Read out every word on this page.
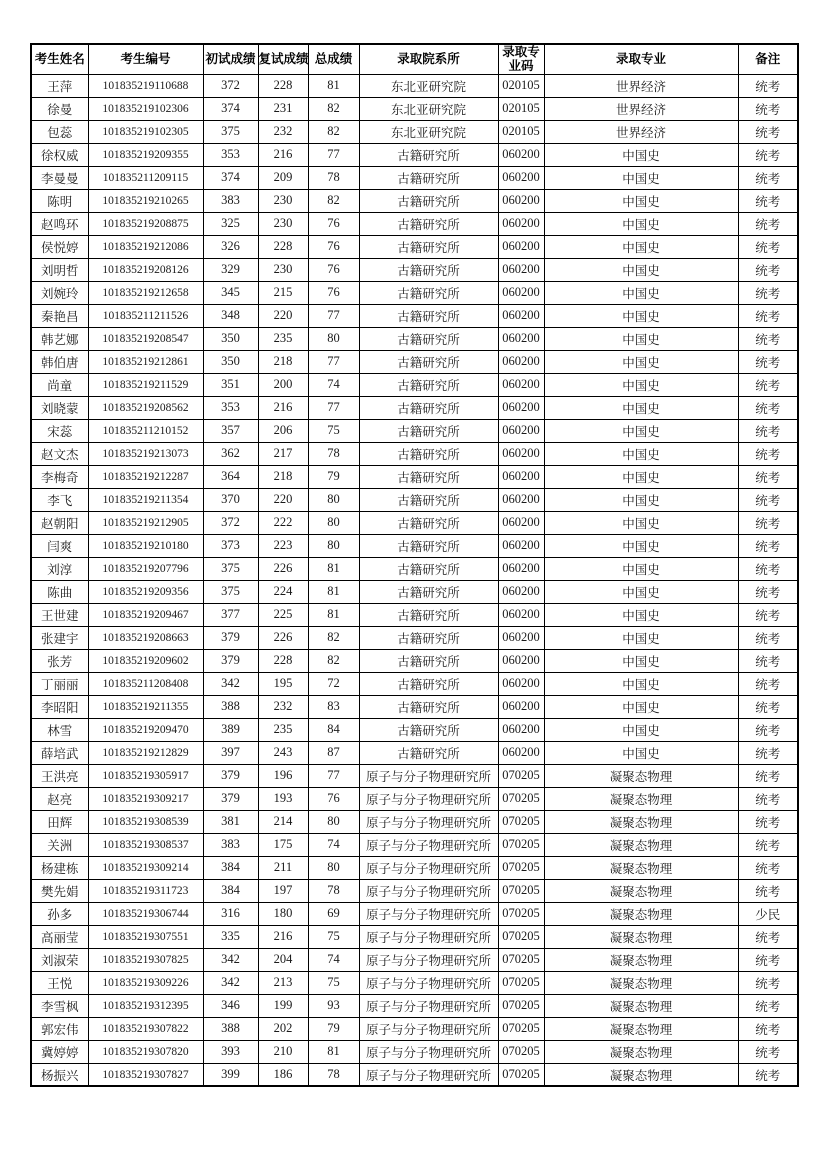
考生姓名	考生编号	初试成绩	复试成绩	总成绩	录取院系所	录取专业码	录取专业	备注
王萍	101835219110688	372	228	81	东北亚研究院	020105	世界经济	统考
徐曼	101835219102306	374	231	82	东北亚研究院	020105	世界经济	统考
包蕊	101835219102305	375	232	82	东北亚研究院	020105	世界经济	统考
徐权威	101835219209355	353	216	77	古籍研究所	060200	中国史	统考
李曼曼	101835211209115	374	209	78	古籍研究所	060200	中国史	统考
陈明	101835219210265	383	230	82	古籍研究所	060200	中国史	统考
赵鸣环	101835219208875	325	230	76	古籍研究所	060200	中国史	统考
侯悦婷	101835219212086	326	228	76	古籍研究所	060200	中国史	统考
刘明哲	101835219208126	329	230	76	古籍研究所	060200	中国史	统考
刘婉玲	101835219212658	345	215	76	古籍研究所	060200	中国史	统考
秦艳昌	101835211211526	348	220	77	古籍研究所	060200	中国史	统考
韩艺娜	101835219208547	350	235	80	古籍研究所	060200	中国史	统考
韩伯唐	101835219212861	350	218	77	古籍研究所	060200	中国史	统考
尚童	101835219211529	351	200	74	古籍研究所	060200	中国史	统考
刘晓蒙	101835219208562	353	216	77	古籍研究所	060200	中国史	统考
宋蕊	101835211210152	357	206	75	古籍研究所	060200	中国史	统考
赵文杰	101835219213073	362	217	78	古籍研究所	060200	中国史	统考
李梅奇	101835219212287	364	218	79	古籍研究所	060200	中国史	统考
李飞	101835219211354	370	220	80	古籍研究所	060200	中国史	统考
赵朝阳	101835219212905	372	222	80	古籍研究所	060200	中国史	统考
闫爽	101835219210180	373	223	80	古籍研究所	060200	中国史	统考
刘淳	101835219207796	375	226	81	古籍研究所	060200	中国史	统考
陈曲	101835219209356	375	224	81	古籍研究所	060200	中国史	统考
王世建	101835219209467	377	225	81	古籍研究所	060200	中国史	统考
张建宇	101835219208663	379	226	82	古籍研究所	060200	中国史	统考
张芳	101835219209602	379	228	82	古籍研究所	060200	中国史	统考
丁丽丽	101835211208408	342	195	72	古籍研究所	060200	中国史	统考
李昭阳	101835219211355	388	232	83	古籍研究所	060200	中国史	统考
林雪	101835219209470	389	235	84	古籍研究所	060200	中国史	统考
薛培武	101835219212829	397	243	87	古籍研究所	060200	中国史	统考
王洪亮	101835219305917	379	196	77	原子与分子物理研究所	070205	凝聚态物理	统考
赵亮	101835219309217	379	193	76	原子与分子物理研究所	070205	凝聚态物理	统考
田辉	101835219308539	381	214	80	原子与分子物理研究所	070205	凝聚态物理	统考
关洲	101835219308537	383	175	74	原子与分子物理研究所	070205	凝聚态物理	统考
杨建栋	101835219309214	384	211	80	原子与分子物理研究所	070205	凝聚态物理	统考
樊先娟	101835219311723	384	197	78	原子与分子物理研究所	070205	凝聚态物理	统考
孙多	101835219306744	316	180	69	原子与分子物理研究所	070205	凝聚态物理	少民
高丽莹	101835219307551	335	216	75	原子与分子物理研究所	070205	凝聚态物理	统考
刘淑荣	101835219307825	342	204	74	原子与分子物理研究所	070205	凝聚态物理	统考
王悦	101835219309226	342	213	75	原子与分子物理研究所	070205	凝聚态物理	统考
李雪枫	101835219312395	346	199	93	原子与分子物理研究所	070205	凝聚态物理	统考
郭宏伟	101835219307822	388	202	79	原子与分子物理研究所	070205	凝聚态物理	统考
冀婷婷	101835219307820	393	210	81	原子与分子物理研究所	070205	凝聚态物理	统考
杨振兴	101835219307827	399	186	78	原子与分子物理研究所	070205	凝聚态物理	统考
